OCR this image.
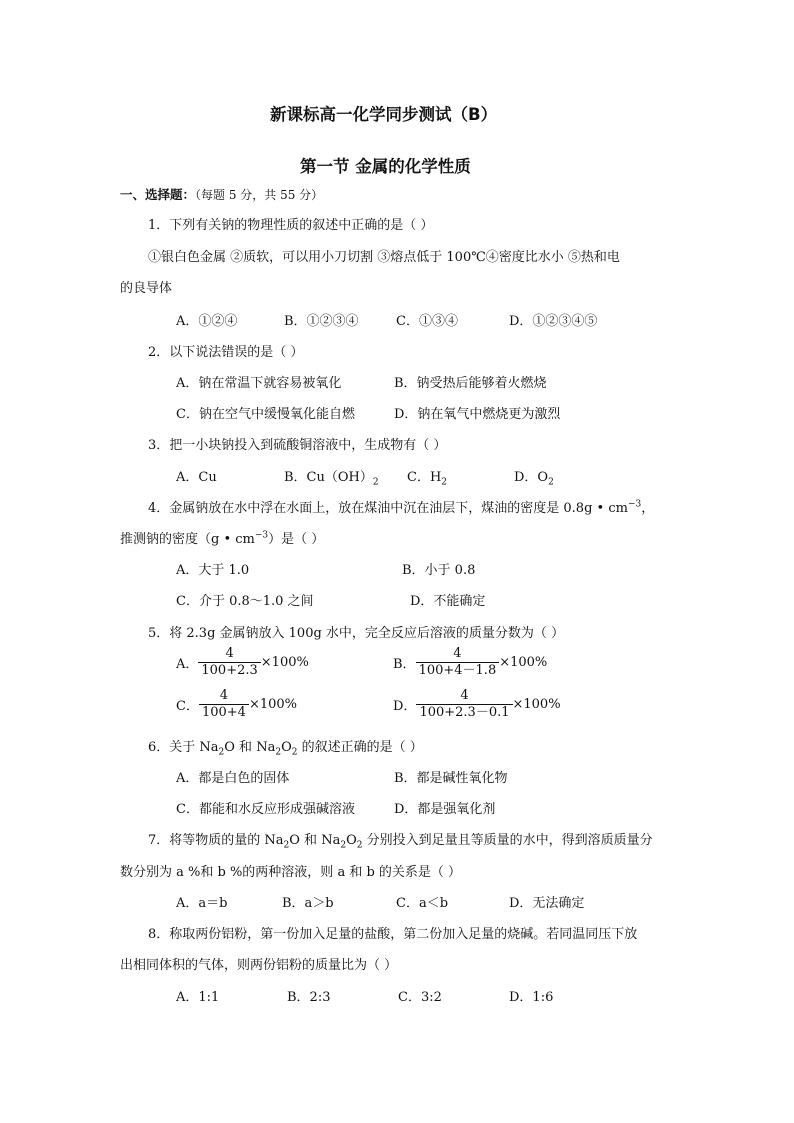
新课标高一化学同步测试（B）
第一节 金属的化学性质
一、选择题：（每题 5 分，共 55 分）
1．下列有关钠的物理性质的叙述中正确的是（ ）
①银白色金属 ②质软，可以用小刀切割 ③熔点低于 100℃④密度比水小 ⑤热和电
的良导体
A．①②④	B．①②③④	C．①③④	D．①②③④⑤
2．以下说法错误的是（ ）
A．钠在常温下就容易被氧化	B．钠受热后能够着火燃烧
C．钠在空气中缓慢氧化能自燃	D．钠在氧气中燃烧更为激烈
3．把一小块钠投入到硫酸铜溶液中，生成物有（ ）
A．Cu	B．$Cu(OH)_2$ C．$H_2$	D．$O_2$
4．金属钠放在水中浮在水面上，放在煤油中沉在油层下，煤油的密度是 0.8g • $cm^{-3}$，
推测钠的密度（g • $cm^{-3}$）是（ ）
A．大于 1.0	B．小于 0.8
C．介于 0.8～1.0 之间	D．不能确定
5．将 2.3g 金属钠放入 100g 水中，完全反应后溶液的质量分数为（ ）
A． $\frac{4}{100+2.3} \times 100\%$	B． $\frac{4}{100+4-1.8} \times 100\%$
C． $\frac{4}{100+4} \times 100\%$	D． $\frac{4}{100+2.3-0.1} \times 100\%$
6．关于 $Na_2O$ 和 $Na_2O_2$ 的叙述正确的是（ ）
A．都是白色的固体	B．都是碱性氧化物
C．都能和水反应形成强碱溶液	D．都是强氧化剂
7．将等物质的量的 $Na_2O$ 和 $Na_2O_2$ 分别投入到足量且等质量的水中，得到溶质质量分
数分别为 a %和 b %的两种溶液，则 a 和 b 的关系是（ ）
A．a＝b	B．a＞b	C．a＜b	D．无法确定
8．称取两份铝粉，第一份加入足量的盐酸，第二份加入足量的烧碱。若同温同压下放
出相同体积的气体，则两份铝粉的质量比为（ ）
A．1:1	B．2:3	C．3:2	D．1:6
